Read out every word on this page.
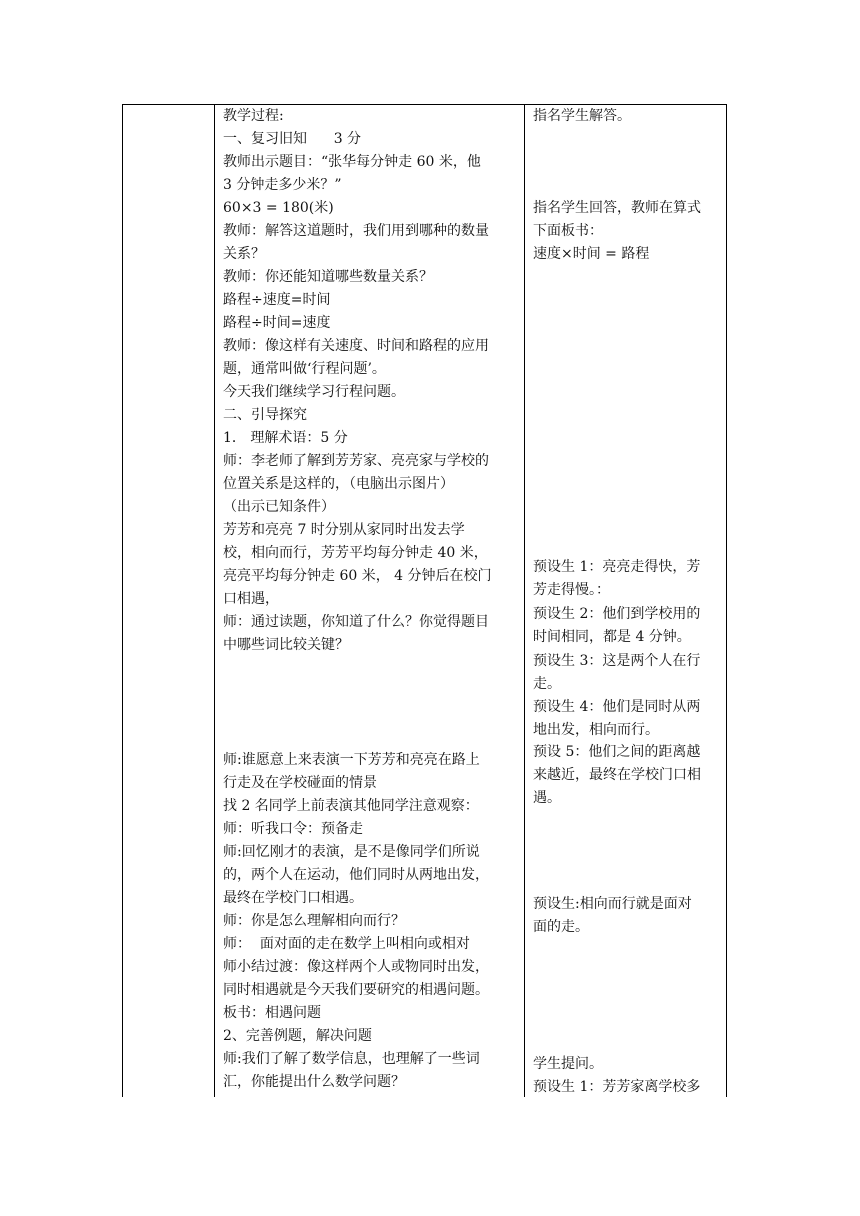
教学过程:
一、复习旧知      3 分
教师出示题目：“张华每分钟走 60 米，他
3 分钟走多少米？”
60×3 = 180(米)
教师：解答这道题时，我们用到哪种的数量
关系？
教师：你还能知道哪些数量关系？
路程÷速度=时间
路程÷时间=速度
教师：像这样有关速度、时间和路程的应用
题，通常叫做‘行程问题’。
今天我们继续学习行程问题。
二、引导探究
1． 理解术语：5 分
师：李老师了解到芳芳家、亮亮家与学校的
位置关系是这样的，（电脑出示图片）
（出示已知条件）
芳芳和亮亮 7 时分别从家同时出发去学
校，相向而行，芳芳平均每分钟走 40 米，
亮亮平均每分钟走 60 米， 4 分钟后在校门
口相遇，
师：通过读题，你知道了什么？你觉得题目
中哪些词比较关键？
师:谁愿意上来表演一下芳芳和亮亮在路上
行走及在学校碰面的情景
找 2 名同学上前表演其他同学注意观察：
师：听我口令：预备走
师:回忆刚才的表演，是不是像同学们所说
的，两个人在运动，他们同时从两地出发，
最终在学校门口相遇。
师：你是怎么理解相向而行？
师：  面对面的走在数学上叫相向或相对
师小结过渡：像这样两个人或物同时出发，
同时相遇就是今天我们要研究的相遇问题。
板书：相遇问题
2、完善例题，解决问题
师:我们了解了数学信息，也理解了一些词
汇，你能提出什么数学问题？
指名学生解答。
指名学生回答，教师在算式
下面板书：
速度×时间 = 路程
预设生 1：亮亮走得快，芳
芳走得慢。：
预设生 2：他们到学校用的
时间相同，都是 4 分钟。
预设生 3：这是两个人在行
走。
预设生 4：他们是同时从两
地出发，相向而行。
预设 5：他们之间的距离越
来越近，最终在学校门口相
遇。
预设生:相向而行就是面对
面的走。
学生提问。
预设生 1：芳芳家离学校多
